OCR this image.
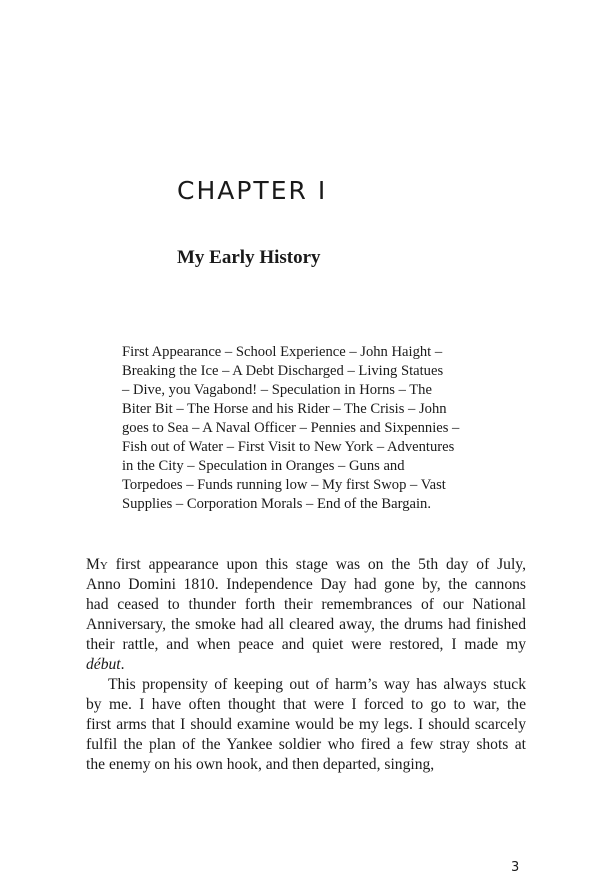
CHAPTER I
My Early History
First Appearance – School Experience – John Haight –
Breaking the Ice – A Debt Discharged – Living Statues
– Dive, you Vagabond! – Speculation in Horns – The
Biter Bit – The Horse and his Rider – The Crisis – John
goes to Sea – A Naval Officer – Pennies and Sixpennies –
Fish out of Water – First Visit to New York – Adventures
in the City – Speculation in Oranges – Guns and
Torpedoes – Funds running low – My first Swop – Vast
Supplies – Corporation Morals – End of the Bargain.
My first appearance upon this stage was on the 5th day of July,
Anno Domini 1810. Independence Day had gone by, the cannons
had ceased to thunder forth their remembrances of our National
Anniversary, the smoke had all cleared away, the drums had finished
their rattle, and when peace and quiet were restored, I made my
début.
This propensity of keeping out of harm’s way has always stuck
by me. I have often thought that were I forced to go to war, the
first arms that I should examine would be my legs. I should scarcely
fulfil the plan of the Yankee soldier who fired a few stray shots at
the enemy on his own hook, and then departed, singing,
3
